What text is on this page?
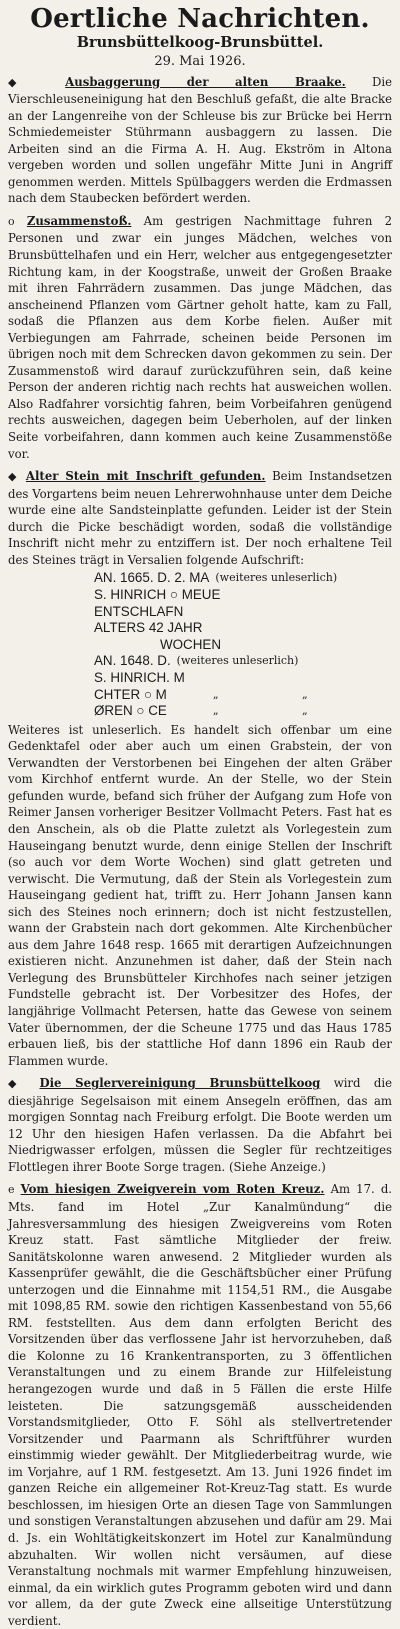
Oertliche Nachrichten.
Brunsbüttelkoog-Brunsbüttel.
29. Mai 1926.

◆ Ausbaggerung der alten Braake. Die Vierschleuseneinigung hat den Beschluß gefaßt, die alte Bracke an der Langenreihe von der Schleuse bis zur Brücke bei Herrn Schmiedemeister Stührmann ausbaggern zu lassen. Die Arbeiten sind an die Firma A. H. Aug. Ekström in Altona vergeben worden und sollen ungefähr Mitte Juni in Angriff genommen werden. Mittels Spülbaggers werden die Erdmassen nach dem Staubecken befördert werden.

o Zusammenstoß. Am gestrigen Nachmittage fuhren 2 Personen und zwar ein junges Mädchen, welches von Brunsbüttelhafen und ein Herr, welcher aus entgegengesetzter Richtung kam, in der Koogstraße, unweit der Großen Braake mit ihren Fahrrädern zusammen. Das junge Mädchen, das anscheinend Pflanzen vom Gärtner geholt hatte, kam zu Fall, sodaß die Pflanzen aus dem Korbe fielen. Außer mit Verbiegungen am Fahrrade, scheinen beide Personen im übrigen noch mit dem Schrecken davon gekommen zu sein. Der Zusammenstoß wird darauf zurückzuführen sein, daß keine Person der anderen richtig nach rechts hat ausweichen wollen. Also Radfahrer vorsichtig fahren, beim Vorbeifahren genügend rechts ausweichen, dagegen beim Ueberholen, auf der linken Seite vorbeifahren, dann kommen auch keine Zusammenstöße vor.

◆ Alter Stein mit Inschrift gefunden. Beim Instandsetzen des Vorgartens beim neuen Lehrerwohnhause unter dem Deiche wurde eine alte Sandsteinplatte gefunden. Leider ist der Stein durch die Picke beschädigt worden, sodaß die vollständige Inschrift nicht mehr zu entziffern ist. Der noch erhaltene Teil des Steines trägt in Versalien folgende Aufschrift:

AN. 1665. D. 2. MA (weiteres unleserlich)
S. HINRICH ○ MEUE
ENTSCHLAFN
ALTERS 42 JAHR
WOCHEN
AN. 1648. D. (weiteres unleserlich)
S. HINRICH. M
CHTER ○ M	„ „
ØREN ○ CE	„ „

Weiteres ist unleserlich. Es handelt sich offenbar um eine Gedenktafel oder aber auch um einen Grabstein, der von Verwandten der Verstorbenen bei Eingehen der alten Gräber vom Kirchhof entfernt wurde. An der Stelle, wo der Stein gefunden wurde, befand sich früher der Aufgang zum Hofe von Reimer Jansen vorheriger Besitzer Vollmacht Peters. Fast hat es den Anschein, als ob die Platte zuletzt als Vorlegestein zum Hauseingang benutzt wurde, denn einige Stellen der Inschrift (so auch vor dem Worte Wochen) sind glatt getreten und verwischt. Die Vermutung, daß der Stein als Vorlegestein zum Hauseingang gedient hat, trifft zu. Herr Johann Jansen kann sich des Steines noch erinnern; doch ist nicht festzustellen, wann der Grabstein nach dort gekommen. Alte Kirchenbücher aus dem Jahre 1648 resp. 1665 mit derartigen Aufzeichnungen existieren nicht. Anzunehmen ist daher, daß der Stein nach Verlegung des Brunsbütteler Kirchhofes nach seiner jetzigen Fundstelle gebracht ist. Der Vorbesitzer des Hofes, der langjährige Vollmacht Petersen, hatte das Gewese von seinem Vater übernommen, der die Scheune 1775 und das Haus 1785 erbauen ließ, bis der stattliche Hof dann 1896 ein Raub der Flammen wurde.

◆ Die Seglervereinigung Brunsbüttelkoog wird die diesjährige Segelsaison mit einem Ansegeln eröffnen, das am morgigen Sonntag nach Freiburg erfolgt. Die Boote werden um 12 Uhr den hiesigen Hafen verlassen. Da die Abfahrt bei Niedrigwasser erfolgen, müssen die Segler für rechtzeitiges Flottlegen ihrer Boote Sorge tragen. (Siehe Anzeige.)

e Vom hiesigen Zweigverein vom Roten Kreuz. Am 17. d. Mts. fand im Hotel „Zur Kanalmündung“ die Jahresversammlung des hiesigen Zweigvereins vom Roten Kreuz statt. Fast sämtliche Mitglieder der freiw. Sanitätskolonne waren anwesend. 2 Mitglieder wurden als Kassenprüfer gewählt, die die Geschäftsbücher einer Prüfung unterzogen und die Einnahme mit 1154,51 RM., die Ausgabe mit 1098,85 RM. sowie den richtigen Kassenbestand von 55,66 RM. feststellten. Aus dem dann erfolgten Bericht des Vorsitzenden über das verflossene Jahr ist hervorzuheben, daß die Kolonne zu 16 Krankentransporten, zu 3 öffentlichen Veranstaltungen und zu einem Brande zur Hilfeleistung herangezogen wurde und daß in 5 Fällen die erste Hilfe leisteten. Die satzungsgemäß ausscheidenden Vorstandsmitglieder, Otto F. Söhl als stellvertretender Vorsitzender und Paarmann als Schriftführer wurden einstimmig wieder gewählt. Der Mitgliederbeitrag wurde, wie im Vorjahre, auf 1 RM. festgesetzt. Am 13. Juni 1926 findet im ganzen Reiche ein allgemeiner Rot-Kreuz-Tag statt. Es wurde beschlossen, im hiesigen Orte an diesen Tage von Sammlungen und sonstigen Veranstaltungen abzusehen und dafür am 29. Mai d. Js. ein Wohltätigkeitskonzert im Hotel zur Kanalmündung abzuhalten. Wir wollen nicht versäumen, auf diese Veranstaltung nochmals mit warmer Empfehlung hinzuweisen, einmal, da ein wirklich gutes Programm geboten wird und dann vor allem, da der gute Zweck eine allseitige Unterstützung verdient.
